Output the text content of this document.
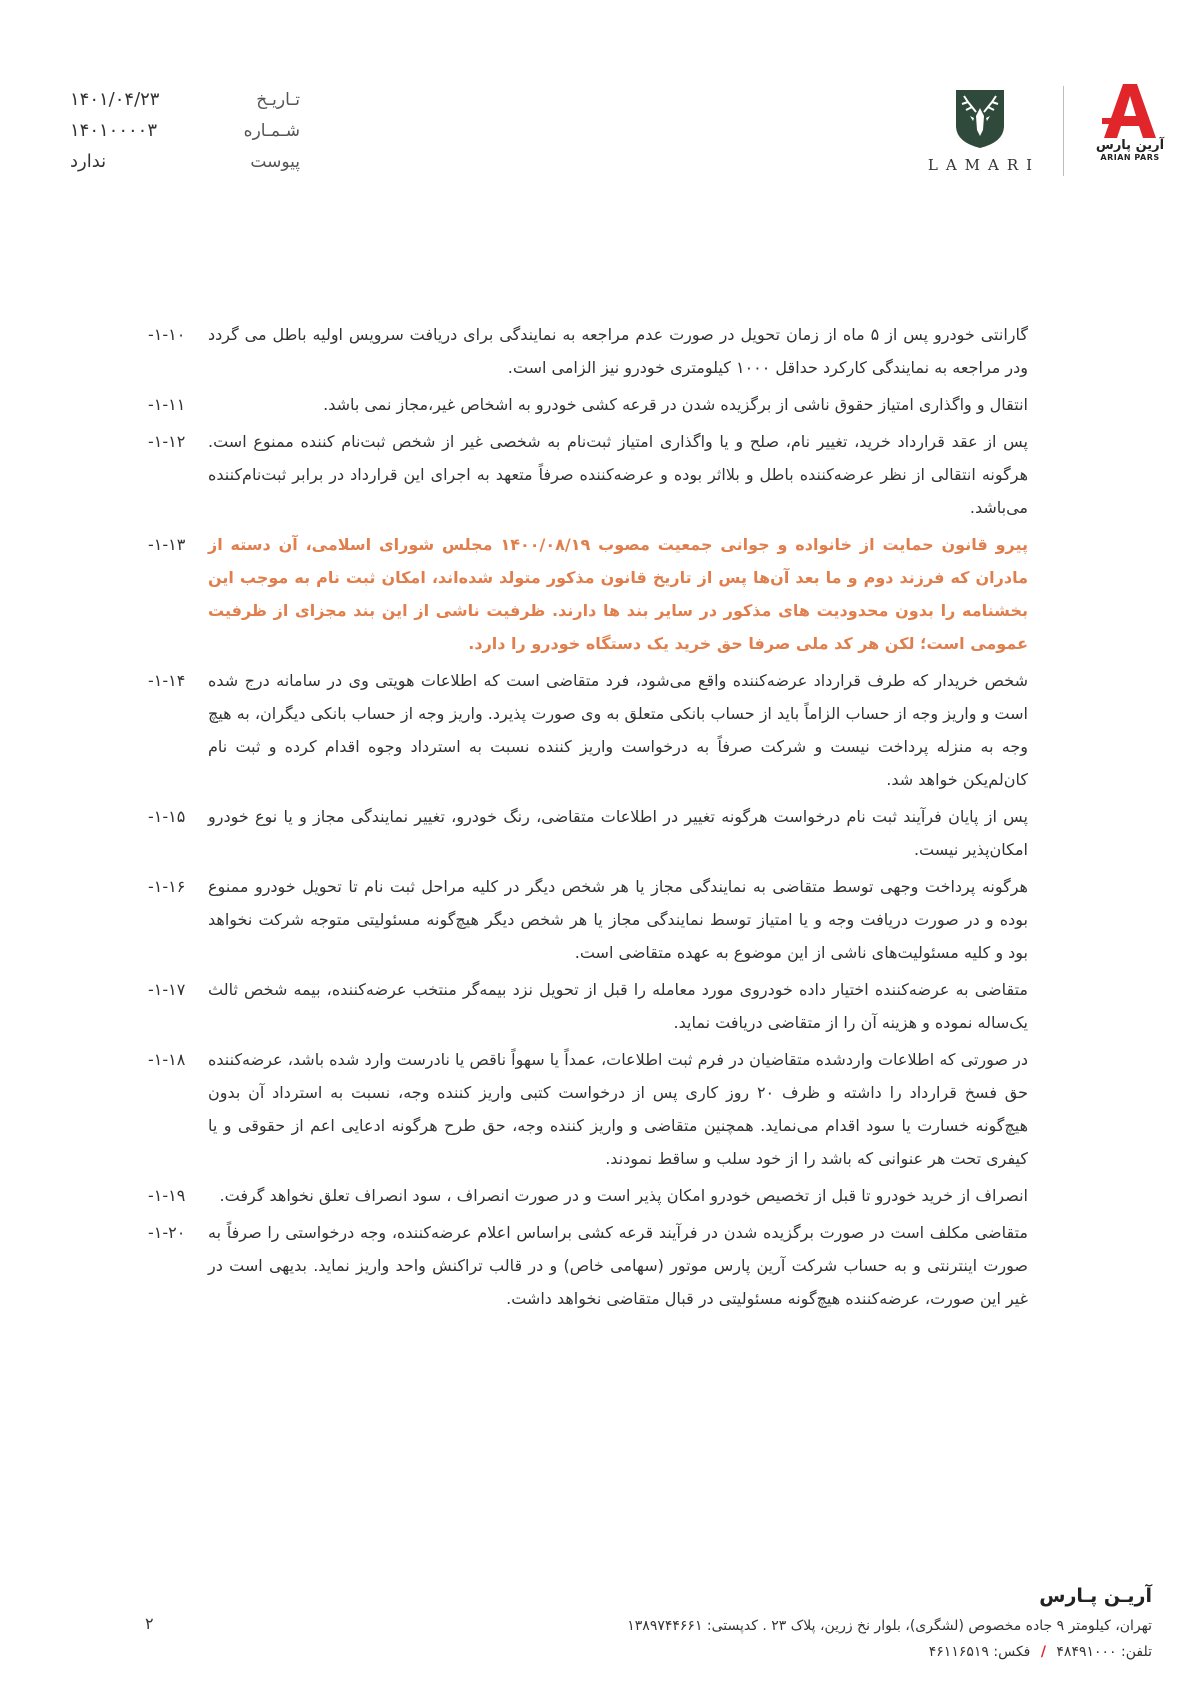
آرین پارس
ARIAN PARS
LAMARI
۱۴۰۱/۰۴/۲۳	تـاریـخ
۱۴۰۱۰۰۰۰۳	شـمـاره
ندارد	پیوست
گارانتی خودرو پس از ۵ ماه از زمان تحویل در صورت عدم مراجعه به نمایندگی برای دریافت سرویس اولیه باطل می گردد ودر مراجعه به نمایندگی کارکرد حداقل ۱۰۰۰ کیلومتری خودرو نیز الزامی است.
-۱-۱۰
انتقال و واگذاری امتیاز حقوق ناشی از برگزیده شدن در قرعه کشی خودرو به اشخاص غیر،مجاز نمی باشد.
-۱-۱۱
پس از عقد قرارداد خرید، تغییر نام، صلح و یا واگذاری امتیاز ثبت‌نام به شخصی غیر از شخص ثبت‌نام کننده ممنوع است. هرگونه انتقالی از نظر عرضه‌کننده باطل و بلااثر بوده و عرضه‌کننده صرفاً متعهد به اجرای این قرارداد در برابر ثبت‌نام‌کننده می‌باشد.
-۱-۱۲
پیرو قانون حمایت از خانواده و جوانی جمعیت مصوب ۱۴۰۰/۰۸/۱۹ مجلس شورای اسلامی، آن دسته از مادران که فرزند دوم و ما بعد آن‌ها پس از تاریخ قانون مذکور متولد شده‌اند، امکان ثبت نام به موجب این بخشنامه را بدون محدودیت های مذکور در سایر بند ها دارند. ظرفیت ناشی از این بند مجزای از ظرفیت عمومی است؛ لکن هر کد ملی صرفا حق خرید یک دستگاه خودرو را دارد.
-۱-۱۳
شخص خریدار که طرف قرارداد عرضه‌کننده واقع می‌شود، فرد متقاضی است که اطلاعات هویتی وی در سامانه درج شده است و واریز وجه از حساب الزاماً باید از حساب بانکی متعلق به وی صورت پذیرد. واریز وجه از حساب بانکی دیگران، به هیچ وجه به منزله پرداخت نیست و شرکت صرفاً به درخواست واریز کننده نسبت به استرداد وجوه اقدام کرده و ثبت نام کان‌لم‌یکن خواهد شد.
-۱-۱۴
پس از پایان فرآیند ثبت نام درخواست هرگونه تغییر در اطلاعات متقاضی، رنگ خودرو، تغییر نمایندگی مجاز و یا نوع خودرو امکان‌پذیر نیست.
-۱-۱۵
هرگونه پرداخت وجهی توسط متقاضی به نمایندگی مجاز یا هر شخص دیگر در کلیه مراحل ثبت نام تا تحویل خودرو ممنوع بوده و در صورت دریافت وجه و یا امتیاز توسط نمایندگی مجاز یا هر شخص دیگر هیچ‌گونه مسئولیتی متوجه شرکت نخواهد بود و کلیه مسئولیت‌های ناشی از این موضوع به عهده متقاضی است.
-۱-۱۶
متقاضی به عرضه‌کننده اختیار داده خودروی مورد معامله را قبل از تحویل نزد بیمه‌گر منتخب عرضه‌کننده، بیمه شخص ثالث یک‌ساله نموده و هزینه آن را از متقاضی دریافت نماید.
-۱-۱۷
در صورتی که اطلاعات واردشده متقاضیان در فرم ثبت اطلاعات، عمداً یا سهواً ناقص یا نادرست وارد شده باشد، عرضه‌کننده حق فسخ قرارداد را داشته و ظرف ۲۰ روز کاری پس از درخواست کتبی واریز کننده وجه، نسبت به استرداد آن بدون هیچ‌گونه خسارت یا سود اقدام می‌نماید. همچنین متقاضی و واریز کننده وجه، حق طرح هرگونه ادعایی اعم از حقوقی و یا کیفری تحت هر عنوانی که باشد را از خود سلب و ساقط نمودند.
-۱-۱۸
انصراف از خرید خودرو تا قبل از تخصیص خودرو امکان پذیر است و در صورت انصراف ، سود انصراف تعلق نخواهد گرفت.
-۱-۱۹
متقاضی مکلف است در صورت برگزیده شدن در فرآیند قرعه کشی براساس اعلام عرضه‌کننده، وجه درخواستی را صرفاً به صورت اینترنتی و به حساب شرکت آرین پارس موتور (سهامی خاص) و در قالب تراکنش واحد واریز نماید. بدیهی است در غیر این صورت، عرضه‌کننده هیچ‌گونه مسئولیتی در قبال متقاضی نخواهد داشت.
-۱-۲۰
۲
آریـن پـارس
تهران، کیلومتر ۹ جاده مخصوص (لشگری)، بلوار نخ زرین، پلاک ۲۳ . کدپستی: ۱۳۸۹۷۴۴۶۶۱
تلفن: ۴۸۴۹۱۰۰۰ / فکس: ۴۶۱۱۶۵۱۹
